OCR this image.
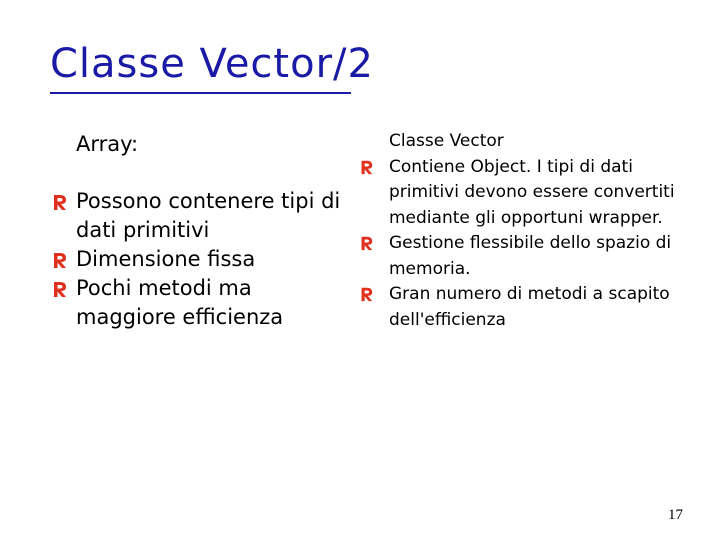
Classe Vector/2
Array:
Possono contenere tipi di dati primitivi
Dimensione fissa
Pochi metodi ma maggiore efficienza
Classe Vector
Contiene Object. I tipi di dati primitivi devono essere convertiti mediante gli opportuni wrapper.
Gestione flessibile dello spazio di memoria.
Gran numero di metodi a scapito dell'efficienza
17
